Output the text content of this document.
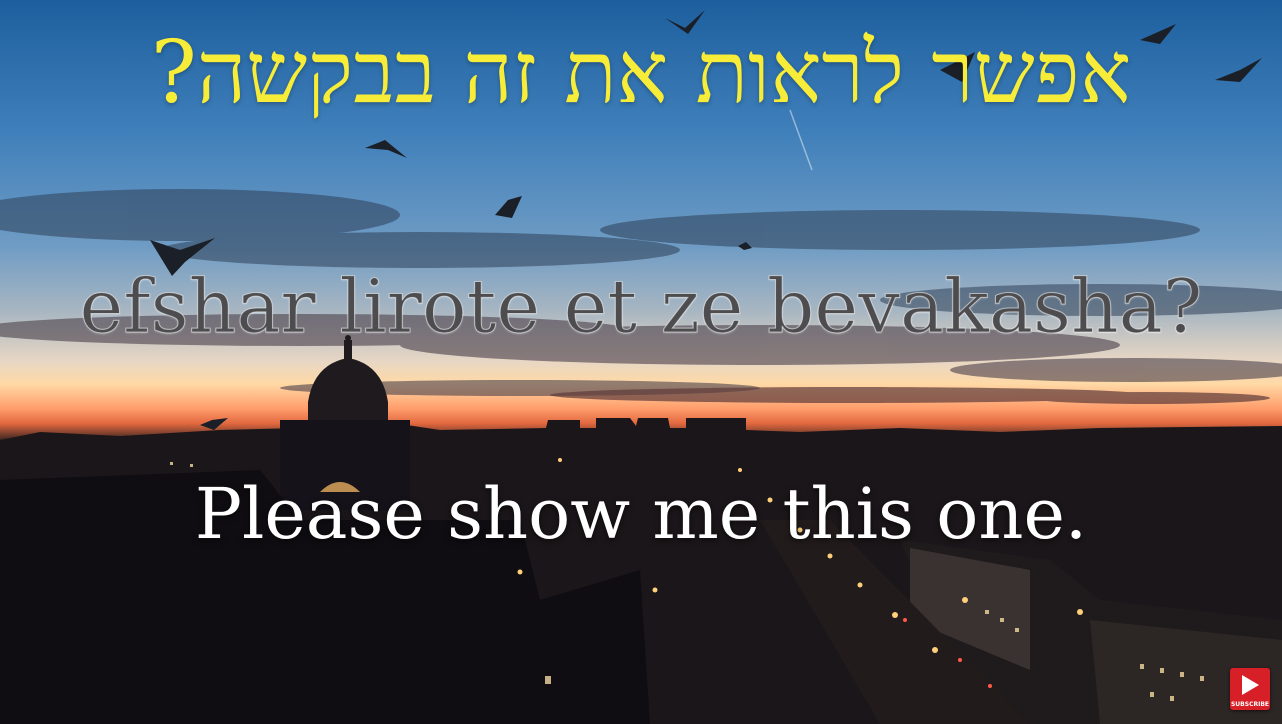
אפשר לראות את זה בבקשה?
efshar lirote et ze bevakasha?
Please show me this one.
SUBSCRIBE
